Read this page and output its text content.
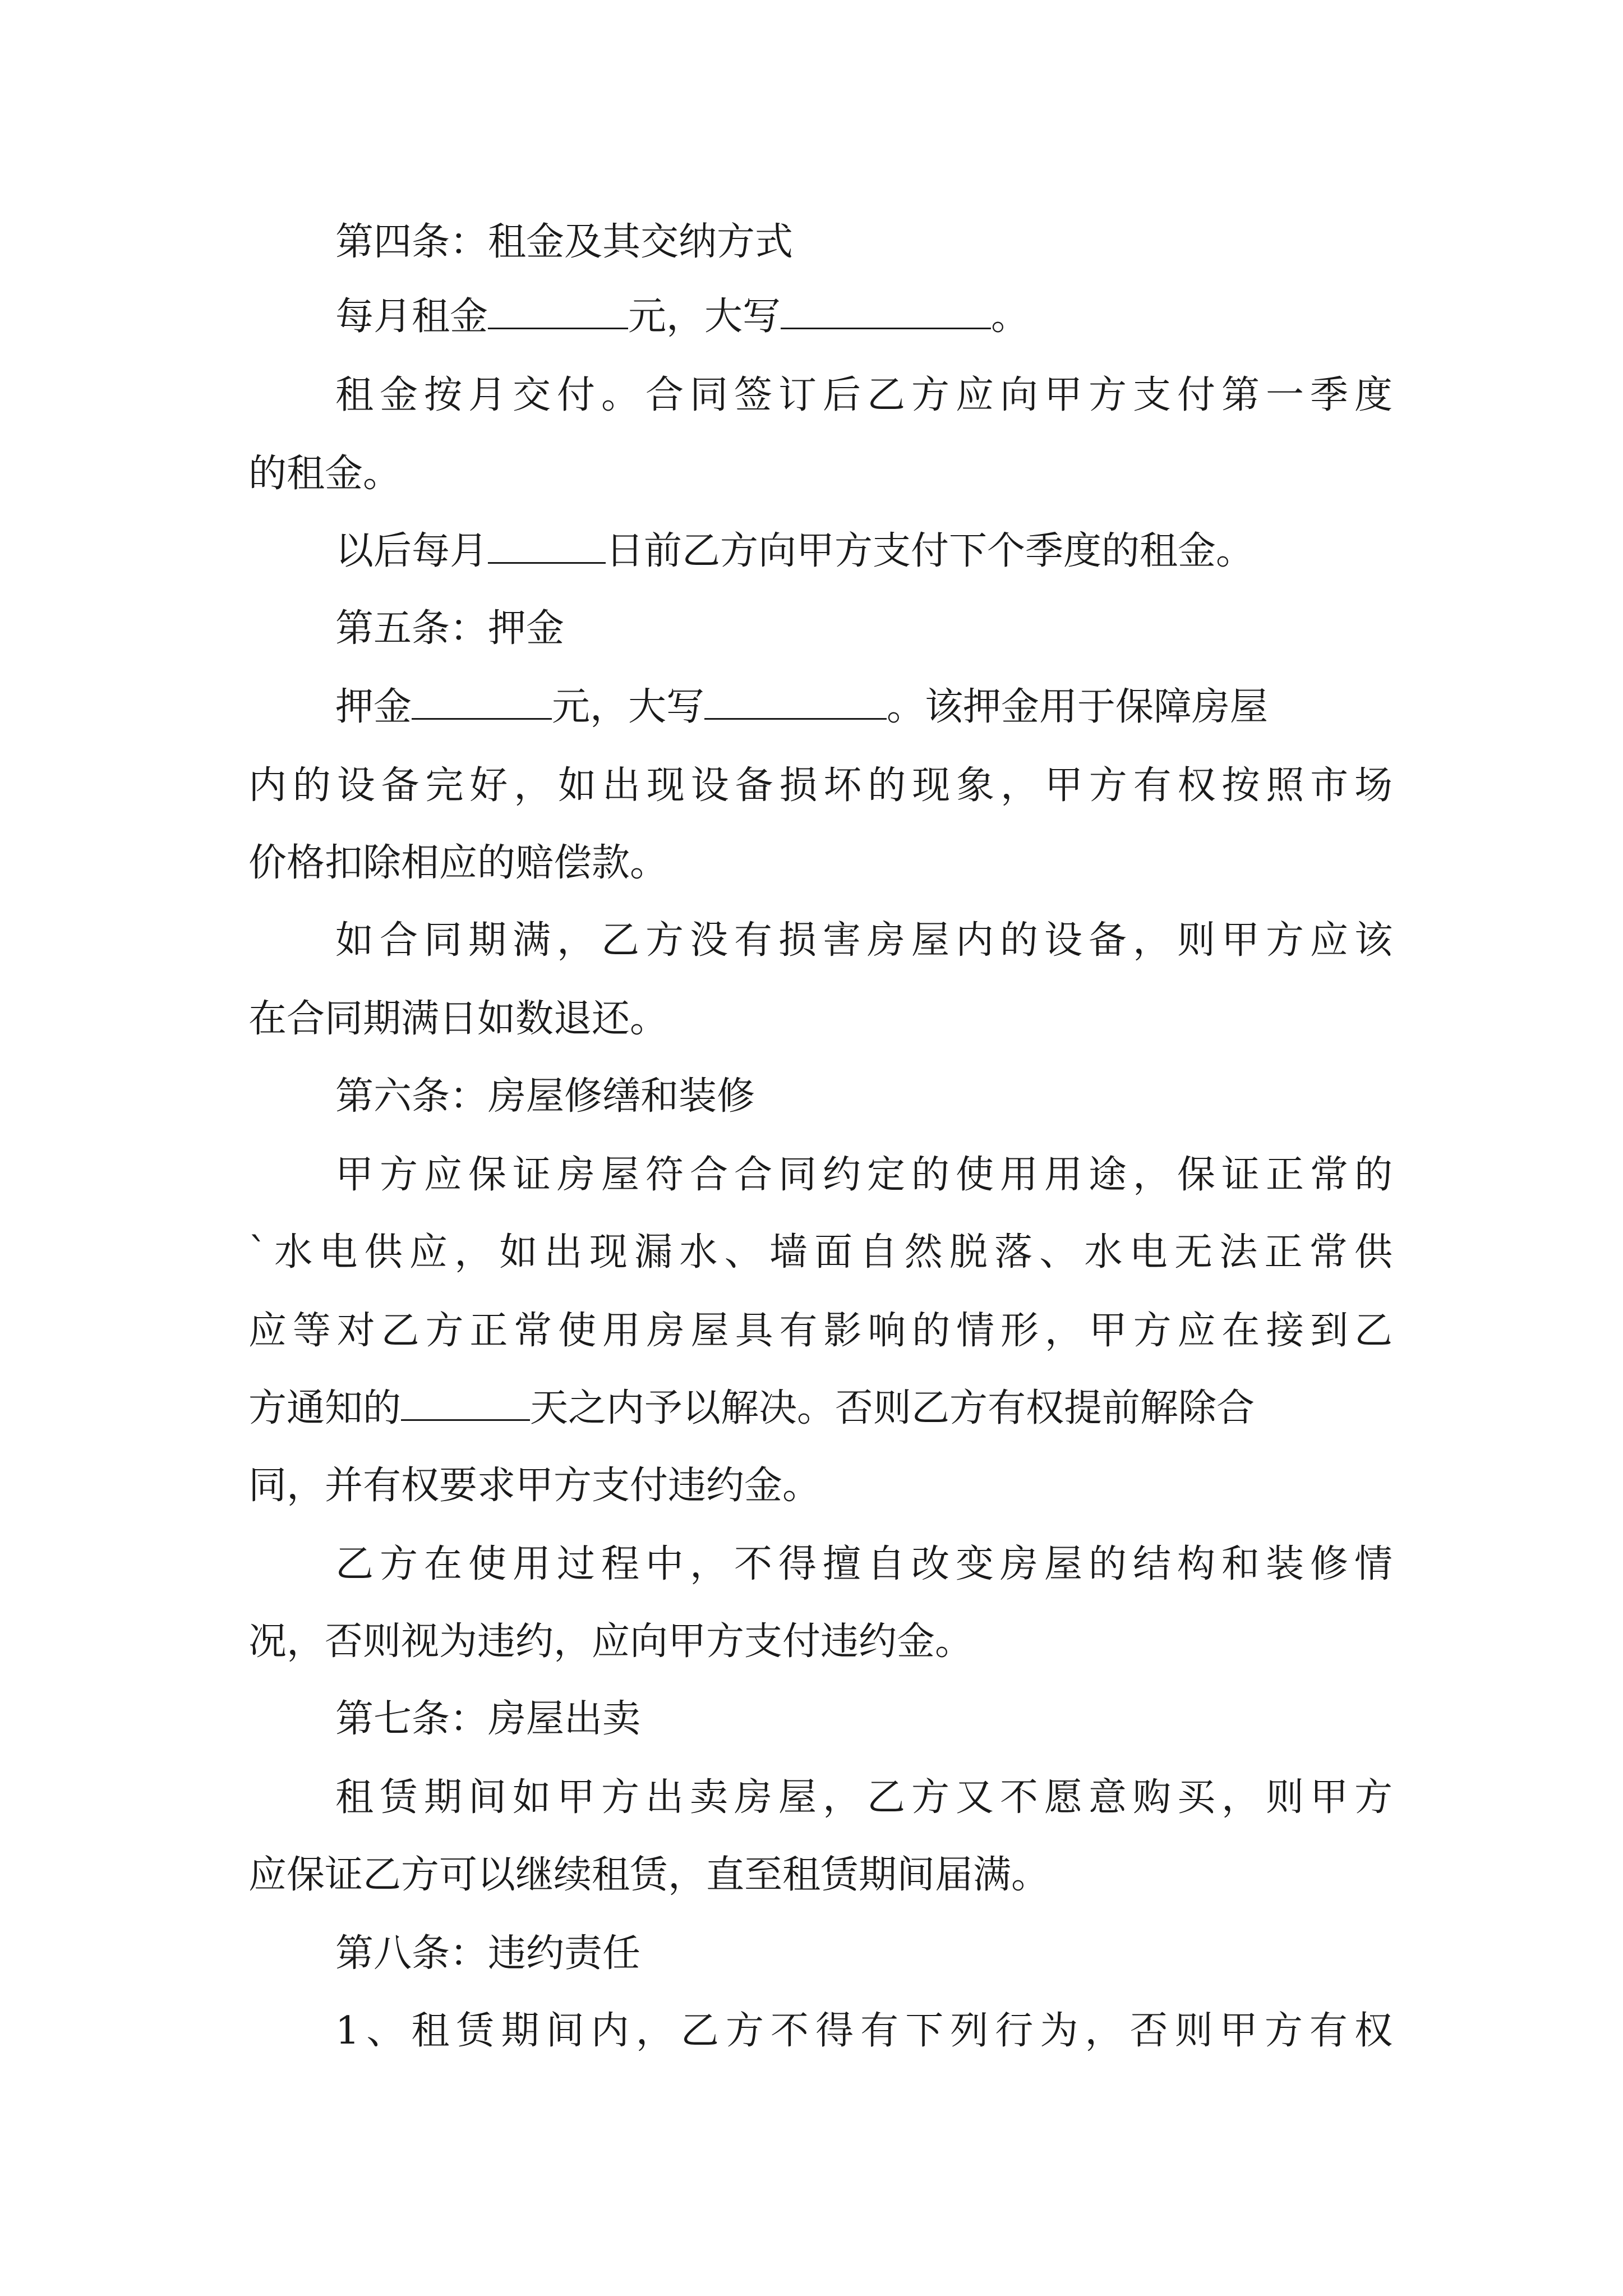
第四条：租金及其交纳方式
每月租金	元，大写	。
租金按月交付。合同签订后乙方应向甲方支付第一季度
的租金。
以后每月	日前乙方向甲方支付下个季度的租金。
第五条：押金
押金	元，大写	。该押金用于保障房屋
内的设备完好，如出现设备损坏的现象，甲方有权按照市场
价格扣除相应的赔偿款。
如合同期满，乙方没有损害房屋内的设备，则甲方应该
在合同期满日如数退还。
第六条：房屋修缮和装修
甲方应保证房屋符合合同约定的使用用途，保证正常的
`水电供应，如出现漏水、墙面自然脱落、水电无法正常供
应等对乙方正常使用房屋具有影响的情形，甲方应在接到乙
方通知的	天之内予以解决。否则乙方有权提前解除合
同，并有权要求甲方支付违约金。
乙方在使用过程中，不得擅自改变房屋的结构和装修情
况，否则视为违约，应向甲方支付违约金。
第七条：房屋出卖
租赁期间如甲方出卖房屋，乙方又不愿意购买，则甲方
应保证乙方可以继续租赁，直至租赁期间届满。
第八条：违约责任
1、租赁期间内，乙方不得有下列行为，否则甲方有权
